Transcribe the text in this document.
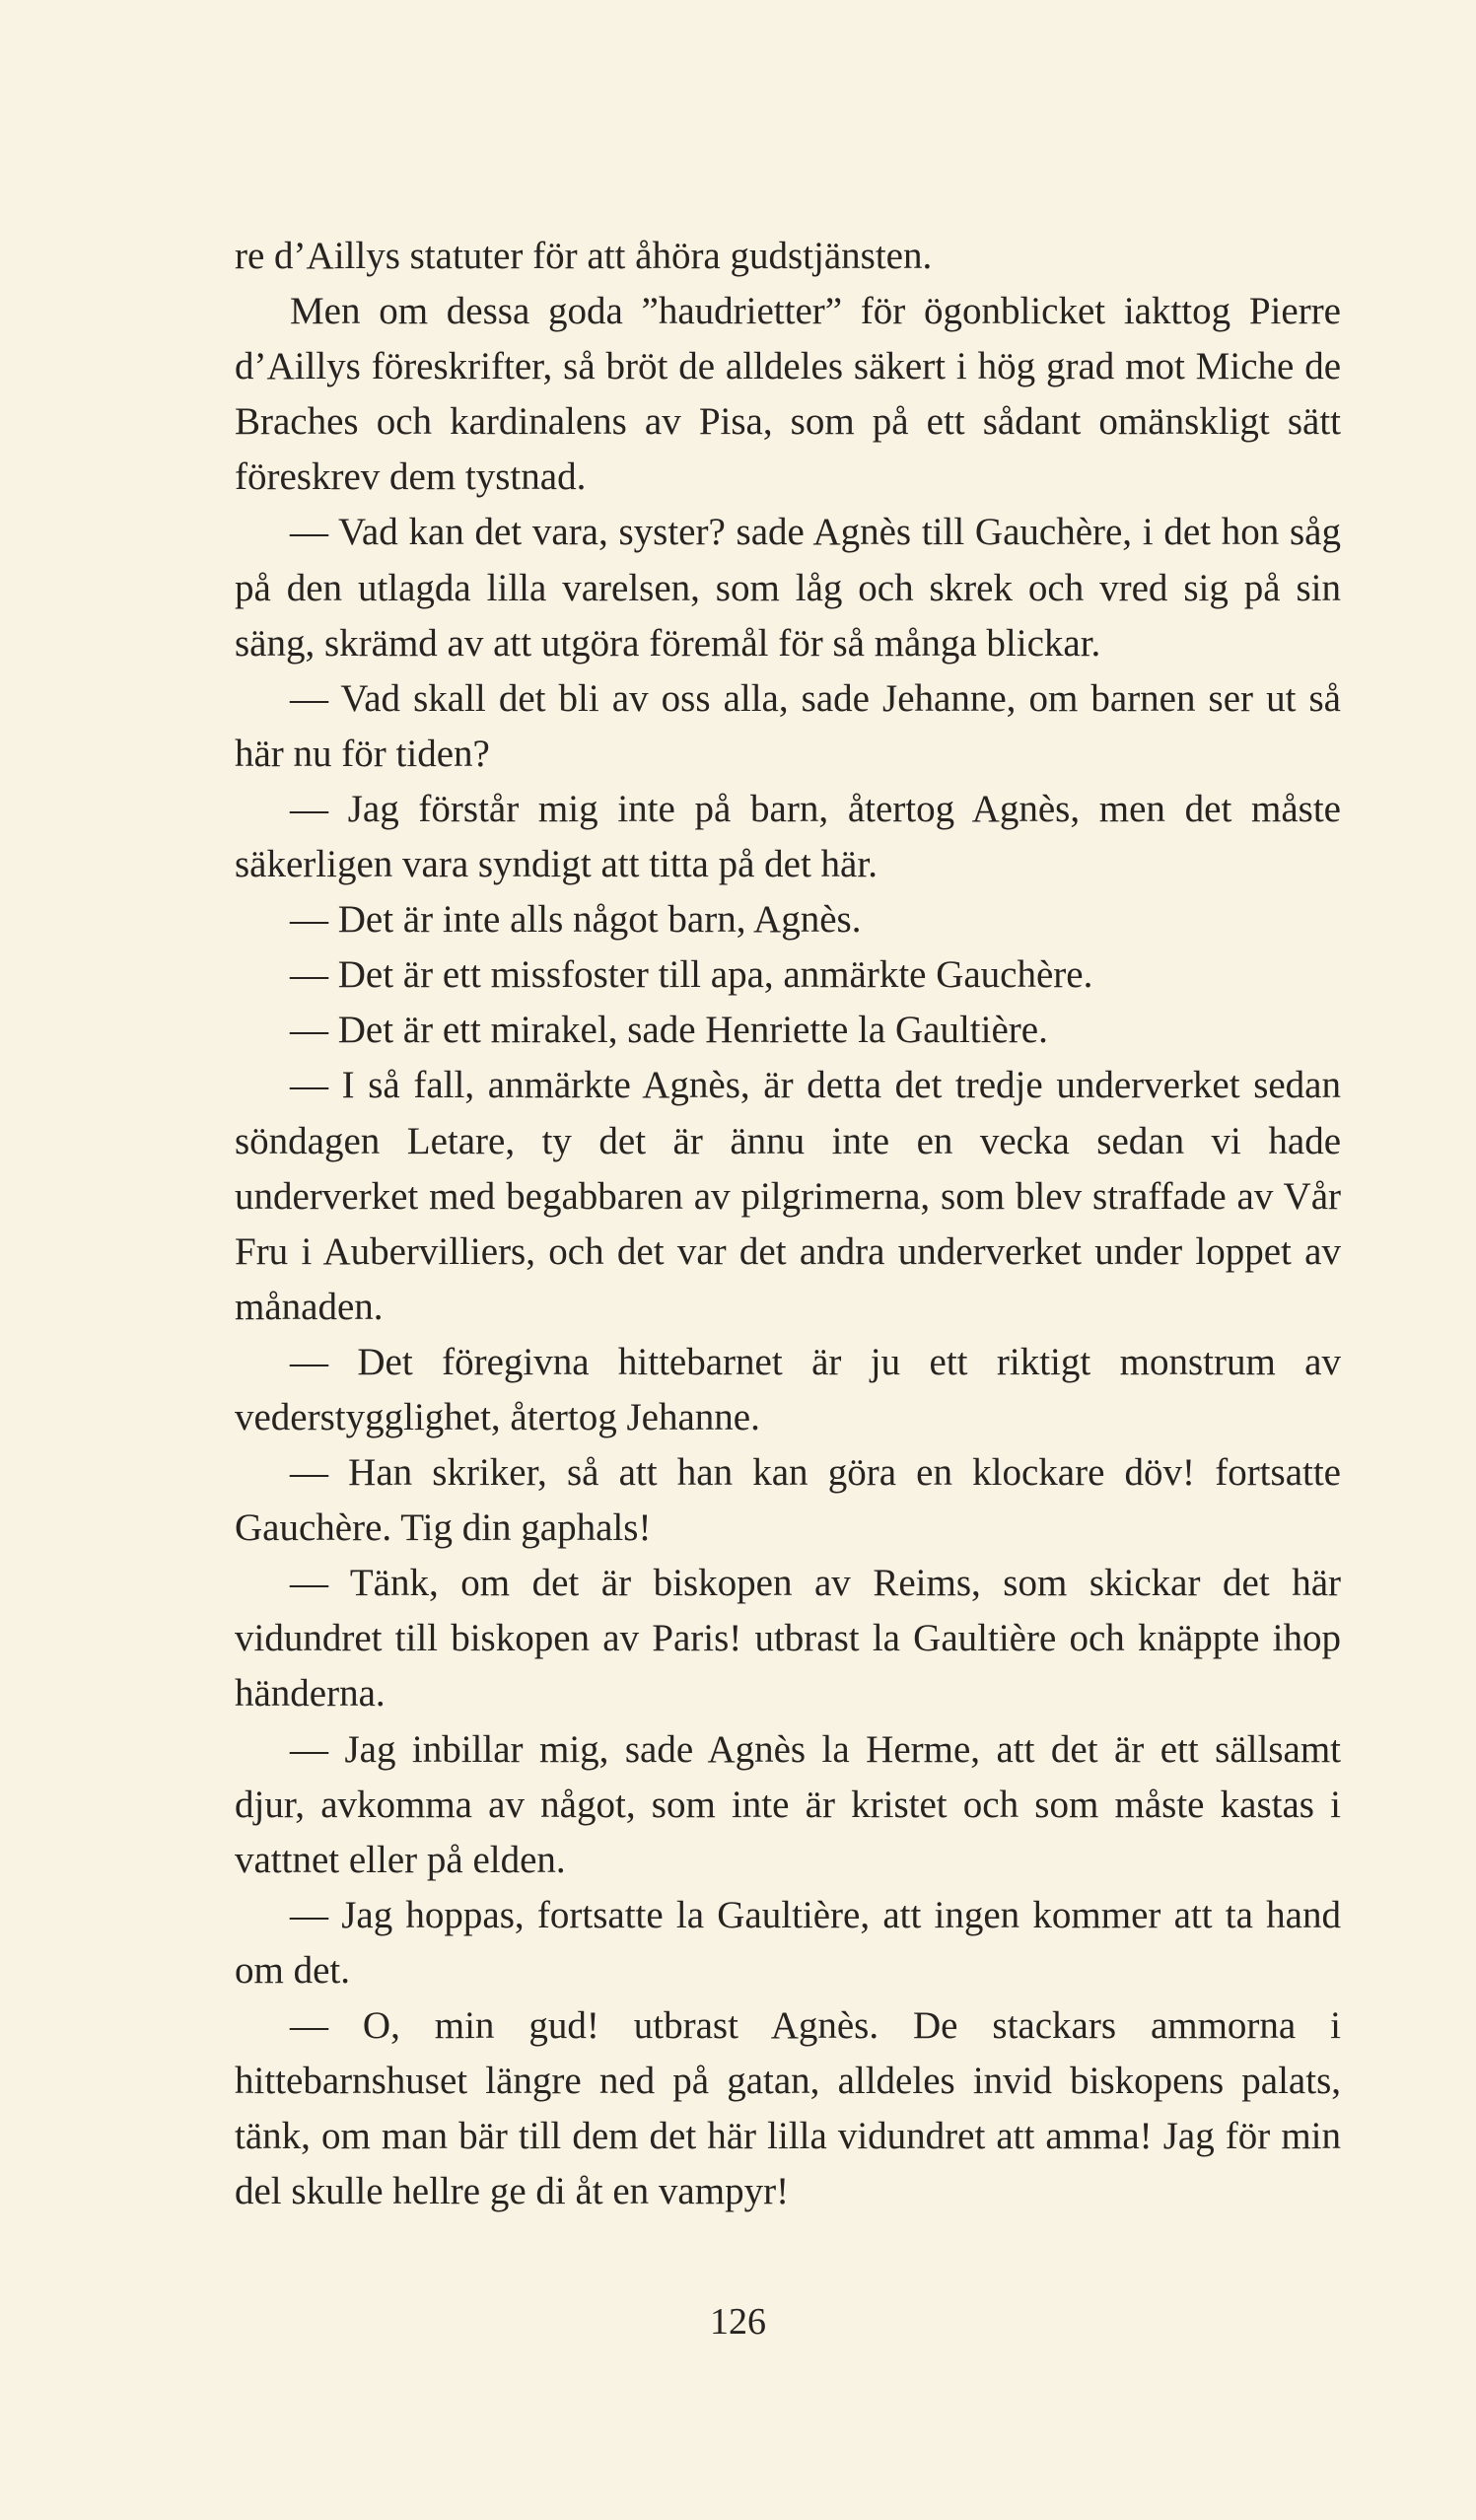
re d’Aillys statuter för att åhöra gudstjänsten.

Men om dessa goda ”haudrietter” för ögonblicket iakttog Pierre d’Aillys föreskrifter, så bröt de alldeles säkert i hög grad mot Miche de Braches och kardinalens av Pisa, som på ett sådant omänskligt sätt föreskrev dem tystnad.

— Vad kan det vara, syster? sade Agnès till Gauchère, i det hon såg på den utlagda lilla varelsen, som låg och skrek och vred sig på sin säng, skrämd av att utgöra föremål för så många blickar.

— Vad skall det bli av oss alla, sade Jehanne, om barnen ser ut så här nu för tiden?

— Jag förstår mig inte på barn, återtog Agnès, men det måste säkerligen vara syndigt att titta på det här.

— Det är inte alls något barn, Agnès.

— Det är ett missfoster till apa, anmärkte Gauchère.

— Det är ett mirakel, sade Henriette la Gaultière.

— I så fall, anmärkte Agnès, är detta det tredje underverket sedan söndagen Letare, ty det är ännu inte en vecka sedan vi hade underverket med begabbaren av pilgrimerna, som blev straffade av Vår Fru i Aubervilliers, och det var det andra underverket under loppet av månaden.

— Det föregivna hittebarnet är ju ett riktigt monstrum av vederstygglighet, återtog Jehanne.

— Han skriker, så att han kan göra en klockare döv! fortsatte Gauchère. Tig din gaphals!

— Tänk, om det är biskopen av Reims, som skickar det här vidundret till biskopen av Paris! utbrast la Gaultière och knäppte ihop händerna.

— Jag inbillar mig, sade Agnès la Herme, att det är ett sällsamt djur, avkomma av något, som inte är kristet och som måste kastas i vattnet eller på elden.

— Jag hoppas, fortsatte la Gaultière, att ingen kommer att ta hand om det.

— O, min gud! utbrast Agnès. De stackars ammorna i hittebarnshuset längre ned på gatan, alldeles invid biskopens palats, tänk, om man bär till dem det här lilla vidundret att amma! Jag för min del skulle hellre ge di åt en vampyr!

126
